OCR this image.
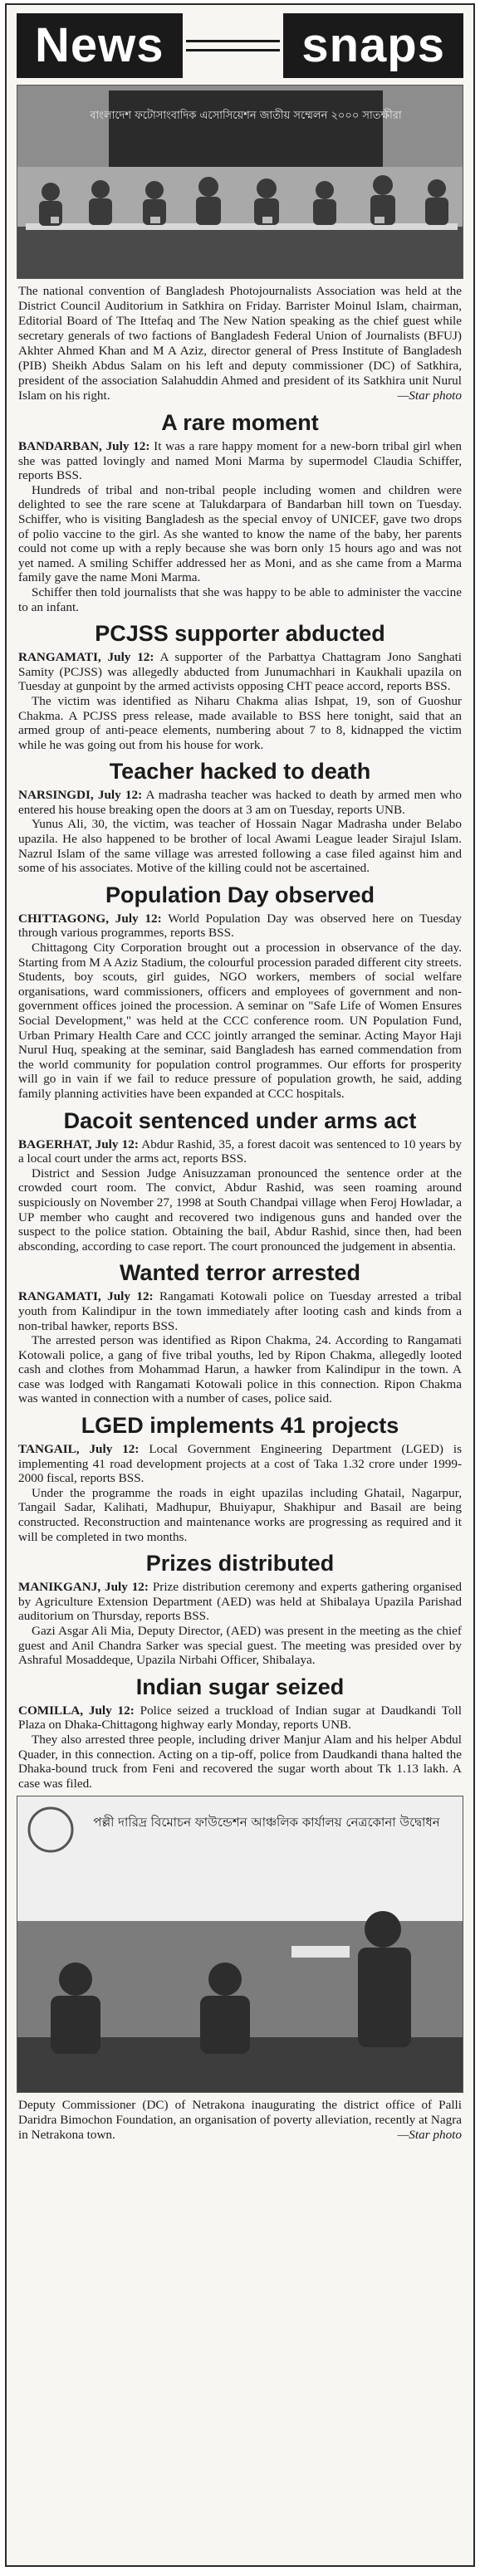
News	snaps
বাংলাদেশ ফটোসাংবাদিক এসোসিয়েশন জাতীয় সম্মেলন ২০০০ সাতক্ষীরা
The national convention of Bangladesh Photojournalists Association was held at the District Council Auditorium in Satkhira on Friday. Barrister Moinul Islam, chairman, Editorial Board of The Ittefaq and The New Nation speaking as the chief guest while secretary generals of two factions of Bangladesh Federal Union of Journalists (BFUJ) Akhter Ahmed Khan and M A Aziz, director general of Press Institute of Bangladesh (PIB) Sheikh Abdus Salam on his left and deputy commissioner (DC) of Satkhira, president of the association Salahuddin Ahmed and president of its Satkhira unit Nurul Islam on his right.	—Star photo
A rare moment

BANDARBAN, July 12: It was a rare happy moment for a new-born tribal girl when she was patted lovingly and named Moni Marma by supermodel Claudia Schiffer, reports BSS.

Hundreds of tribal and non-tribal people including women and children were delighted to see the rare scene at Talukdarpara of Bandarban hill town on Tuesday. Schiffer, who is visiting Bangladesh as the special envoy of UNICEF, gave two drops of polio vaccine to the girl. As she wanted to know the name of the baby, her parents could not come up with a reply because she was born only 15 hours ago and was not yet named. A smiling Schiffer addressed her as Moni, and as she came from a Marma family gave the name Moni Marma.

Schiffer then told journalists that she was happy to be able to administer the vaccine to an infant.

PCJSS supporter abducted

RANGAMATI, July 12: A supporter of the Parbattya Chattagram Jono Sanghati Samity (PCJSS) was allegedly abducted from Junumachhari in Kaukhali upazila on Tuesday at gunpoint by the armed activists opposing CHT peace accord, reports BSS.

The victim was identified as Niharu Chakma alias Ishpat, 19, son of Guoshur Chakma. A PCJSS press release, made available to BSS here tonight, said that an armed group of anti-peace elements, numbering about 7 to 8, kidnapped the victim while he was going out from his house for work.

Teacher hacked to death

NARSINGDI, July 12: A madrasha teacher was hacked to death by armed men who entered his house breaking open the doors at 3 am on Tuesday, reports UNB.

Yunus Ali, 30, the victim, was teacher of Hossain Nagar Madrasha under Belabo upazila. He also happened to be brother of local Awami League leader Sirajul Islam. Nazrul Islam of the same village was arrested following a case filed against him and some of his associates. Motive of the killing could not be ascertained.

Population Day observed

CHITTAGONG, July 12: World Population Day was observed here on Tuesday through various programmes, reports BSS.

Chittagong City Corporation brought out a procession in observance of the day. Starting from M A Aziz Stadium, the colourful procession paraded different city streets. Students, boy scouts, girl guides, NGO workers, members of social welfare organisations, ward commissioners, officers and employees of government and non-government offices joined the procession. A seminar on "Safe Life of Women Ensures Social Development," was held at the CCC conference room. UN Population Fund, Urban Primary Health Care and CCC jointly arranged the seminar. Acting Mayor Haji Nurul Huq, speaking at the seminar, said Bangladesh has earned commendation from the world community for population control programmes. Our efforts for prosperity will go in vain if we fail to reduce pressure of population growth, he said, adding family planning activities have been expanded at CCC hospitals.

Dacoit sentenced under arms act

BAGERHAT, July 12: Abdur Rashid, 35, a forest dacoit was sentenced to 10 years by a local court under the arms act, reports BSS.

District and Session Judge Anisuzzaman pronounced the sentence order at the crowded court room. The convict, Abdur Rashid, was seen roaming around suspiciously on November 27, 1998 at South Chandpai village when Feroj Howladar, a UP member who caught and recovered two indigenous guns and handed over the suspect to the police station. Obtaining the bail, Abdur Rashid, since then, had been absconding, according to case report. The court pronounced the judgement in absentia.

Wanted terror arrested

RANGAMATI, July 12: Rangamati Kotowali police on Tuesday arrested a tribal youth from Kalindipur in the town immediately after looting cash and kinds from a non-tribal hawker, reports BSS.

The arrested person was identified as Ripon Chakma, 24. According to Rangamati Kotowali police, a gang of five tribal youths, led by Ripon Chakma, allegedly looted cash and clothes from Mohammad Harun, a hawker from Kalindipur in the town. A case was lodged with Rangamati Kotowali police in this connection. Ripon Chakma was wanted in connection with a number of cases, police said.

LGED implements 41 projects

TANGAIL, July 12: Local Government Engineering Department (LGED) is implementing 41 road development projects at a cost of Taka 1.32 crore under 1999-2000 fiscal, reports BSS.

Under the programme the roads in eight upazilas including Ghatail, Nagarpur, Tangail Sadar, Kalihati, Madhupur, Bhuiyapur, Shakhipur and Basail are being constructed. Reconstruction and maintenance works are progressing as required and it will be completed in two months.

Prizes distributed

MANIKGANJ, July 12: Prize distribution ceremony and experts gathering organised by Agriculture Extension Department (AED) was held at Shibalaya Upazila Parishad auditorium on Thursday, reports BSS.

Gazi Asgar Ali Mia, Deputy Director, (AED) was present in the meeting as the chief guest and Anil Chandra Sarker was special guest. The meeting was presided over by Ashraful Mosaddeque, Upazila Nirbahi Officer, Shibalaya.

Indian sugar seized

COMILLA, July 12: Police seized a truckload of Indian sugar at Daudkandi Toll Plaza on Dhaka-Chittagong highway early Monday, reports UNB.

They also arrested three people, including driver Manjur Alam and his helper Abdul Quader, in this connection. Acting on a tip-off, police from Daudkandi thana halted the Dhaka-bound truck from Feni and recovered the sugar worth about Tk 1.13 lakh. A case was filed.

পল্লী দারিদ্র বিমোচন ফাউন্ডেশন আঞ্চলিক কার্যালয় নেত্রকোনা উদ্বোধন
Deputy Commissioner (DC) of Netrakona inaugurating the district office of Palli Daridra Bimochon Foundation, an organisation of poverty alleviation, recently at Nagra in Netrakona town.	—Star photo
